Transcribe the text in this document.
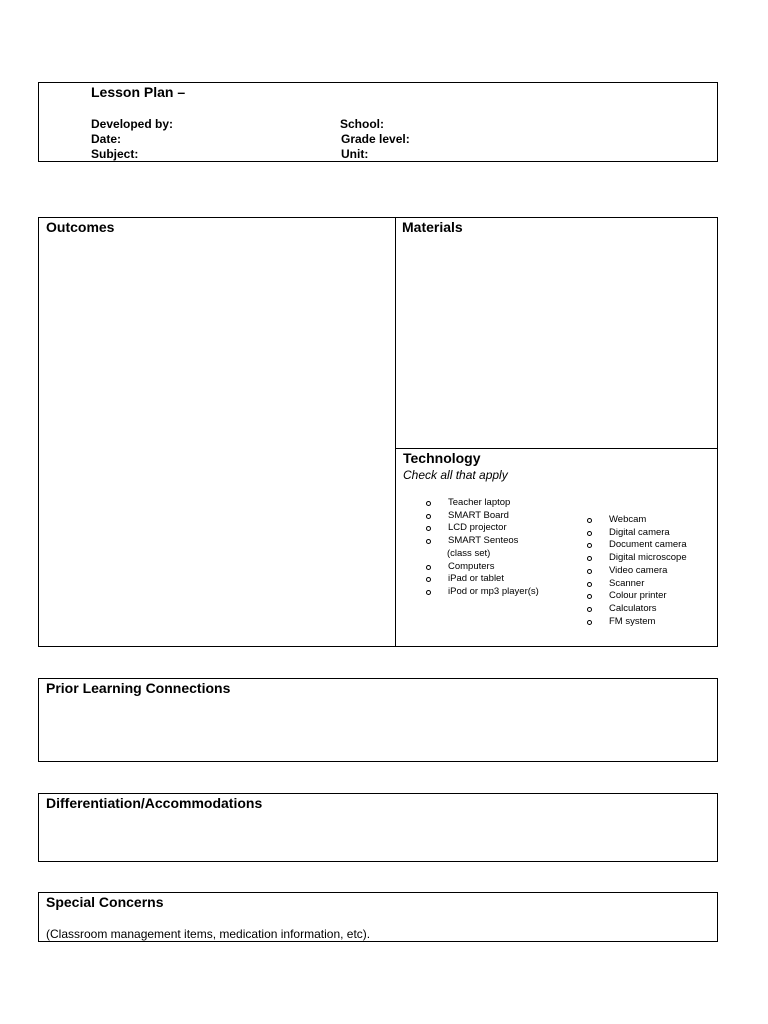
Lesson Plan –
Developed by:
Date:
Subject:
School:
Grade level:
Unit:
Outcomes	Materials
Technology
Check all that apply
Teacher laptop
SMART Board
LCD projector
SMART Senteos
(class set)
Computers
iPad or tablet
iPod or mp3 player(s)
Webcam
Digital camera
Document camera
Digital microscope
Video camera
Scanner
Colour printer
Calculators
FM system
Prior Learning Connections
Differentiation/Accommodations
Special Concerns
(Classroom management items, medication information, etc).
